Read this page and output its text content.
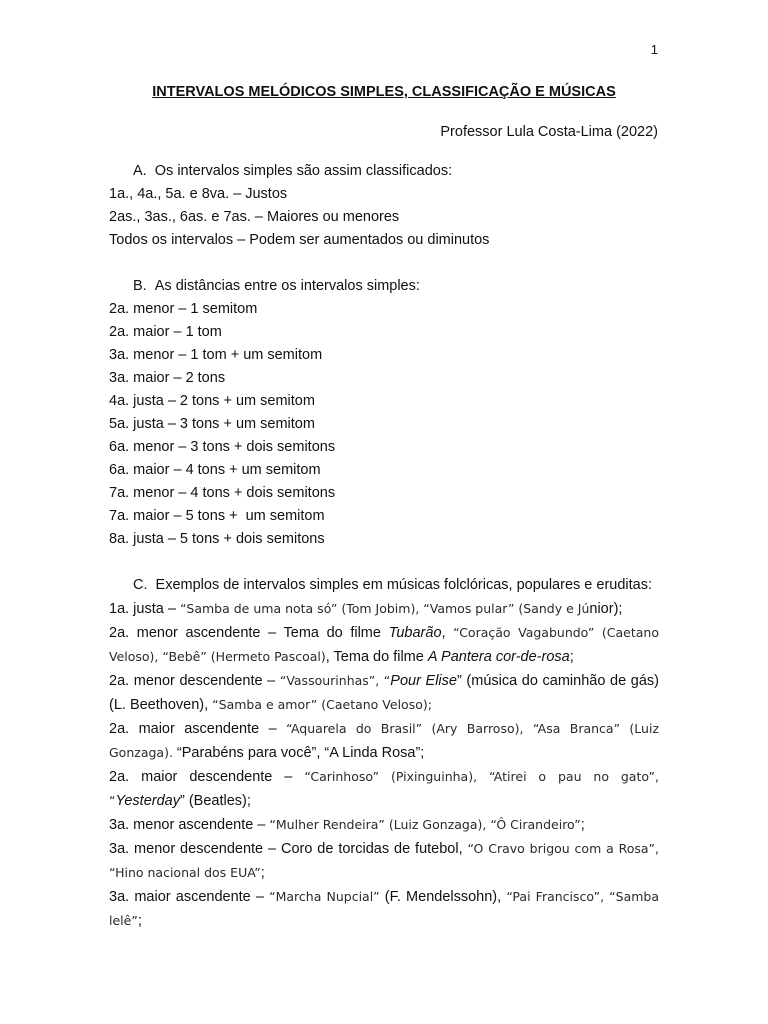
1
INTERVALOS MELÓDICOS SIMPLES, CLASSIFICAÇÃO E MÚSICAS
Professor Lula Costa-Lima (2022)
A.  Os intervalos simples são assim classificados:
1a., 4a., 5a. e 8va. – Justos
2as., 3as., 6as. e 7as. – Maiores ou menores
Todos os intervalos – Podem ser aumentados ou diminutos
B.  As distâncias entre os intervalos simples:
2a. menor – 1 semitom
2a. maior – 1 tom
3a. menor – 1 tom + um semitom
3a. maior – 2 tons
4a. justa – 2 tons + um semitom
5a. justa – 3 tons + um semitom
6a. menor – 3 tons + dois semitons
6a. maior – 4 tons + um semitom
7a. menor – 4 tons + dois semitons
7a. maior – 5 tons +  um semitom
8a. justa – 5 tons + dois semitons
C.  Exemplos de intervalos simples em músicas folclóricas, populares e eruditas:
1a. justa – “Samba de uma nota só” (Tom Jobim), “Vamos pular” (Sandy e Júnior);
2a. menor ascendente – Tema do filme Tubarão, “Coração Vagabundo” (Caetano Veloso), “Bebê” (Hermeto Pascoal), Tema do filme A Pantera cor-de-rosa;
2a. menor descendente – “Vassourinhas”, “Pour Elise” (música do caminhão de gás) (L. Beethoven), “Samba e amor” (Caetano Veloso);
2a. maior ascendente – “Aquarela do Brasil” (Ary Barroso), “Asa Branca” (Luiz Gonzaga). “Parabéns para você”, “A Linda Rosa”;
2a. maior descendente – “Carinhoso” (Pixinguinha), “Atirei o pau no gato”, “Yesterday” (Beatles);
3a. menor ascendente – “Mulher Rendeira” (Luiz Gonzaga), “Ô Cirandeiro”;
3a. menor descendente – Coro de torcidas de futebol, “O Cravo brigou com a Rosa”, “Hino nacional dos EUA”;
3a. maior ascendente – “Marcha Nupcial” (F. Mendelssohn), “Pai Francisco”, “Samba lelê”;
